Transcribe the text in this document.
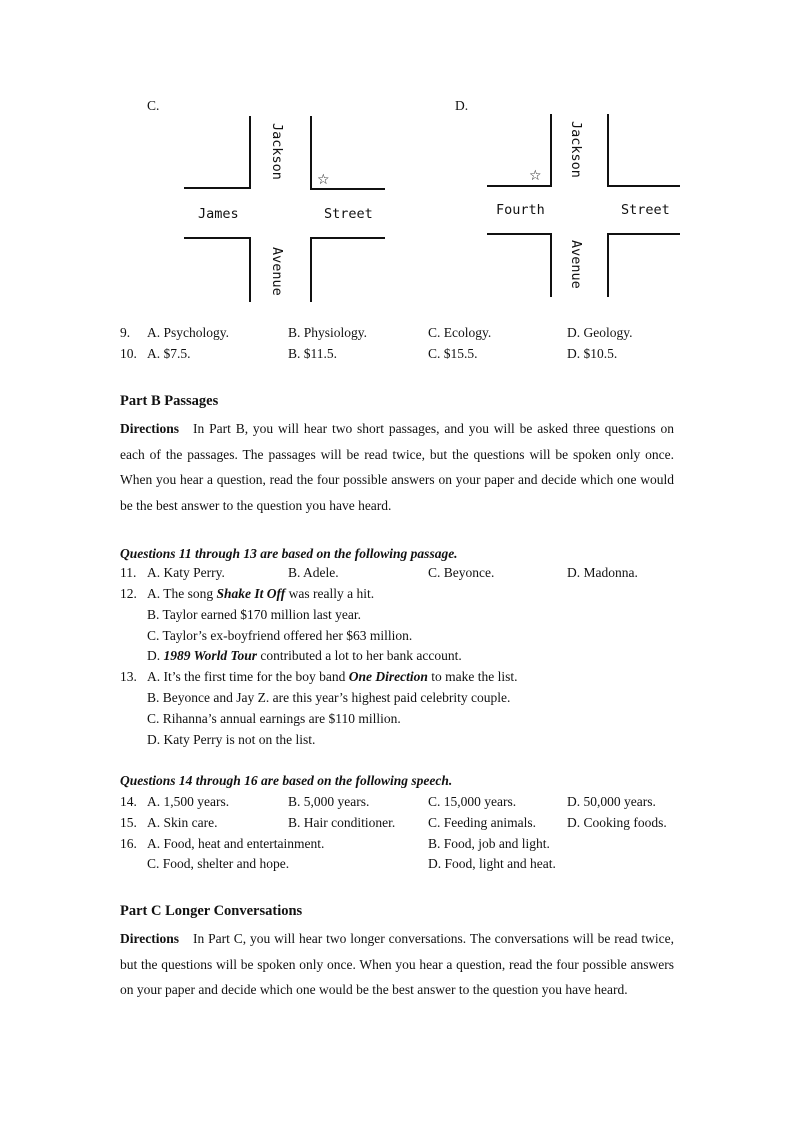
Jackson
Avenue
James	Street
☆
Jackson
Avenue
Fourth	Street
☆
C.	D.
9. A. Psychology.	B. Physiology.	C. Ecology.	D. Geology.
10. A. $7.5.	B. $11.5.	C. $15.5.	D. $10.5.
Part B Passages
Directions In Part B, you will hear two short passages, and you will be asked three questions on each of the passages. The passages will be read twice, but the questions will be spoken only once. When you hear a question, read the four possible answers on your paper and decide which one would be the best answer to the question you have heard.
Questions 11 through 13 are based on the following passage.
11. A. Katy Perry.	B. Adele.	C. Beyonce.	D. Madonna.
12. A. The song Shake It Off was really a hit.
B. Taylor earned $170 million last year.
C. Taylor’s ex-boyfriend offered her $63 million.
D. 1989 World Tour contributed a lot to her bank account.
13. A. It’s the first time for the boy band One Direction to make the list.
B. Beyonce and Jay Z. are this year’s highest paid celebrity couple.
C. Rihanna’s annual earnings are $110 million.
D. Katy Perry is not on the list.
Questions 14 through 16 are based on the following speech.
14. A. 1,500 years.	B. 5,000 years.	C. 15,000 years.	D. 50,000 years.
15. A. Skin care.	B. Hair conditioner. C. Feeding animals. D. Cooking foods.
16. A. Food, heat and entertainment.	B. Food, job and light.
C. Food, shelter and hope.	D. Food, light and heat.
Part C Longer Conversations
Directions In Part C, you will hear two longer conversations. The conversations will be read twice, but the questions will be spoken only once. When you hear a question, read the four possible answers on your paper and decide which one would be the best answer to the question you have heard.
